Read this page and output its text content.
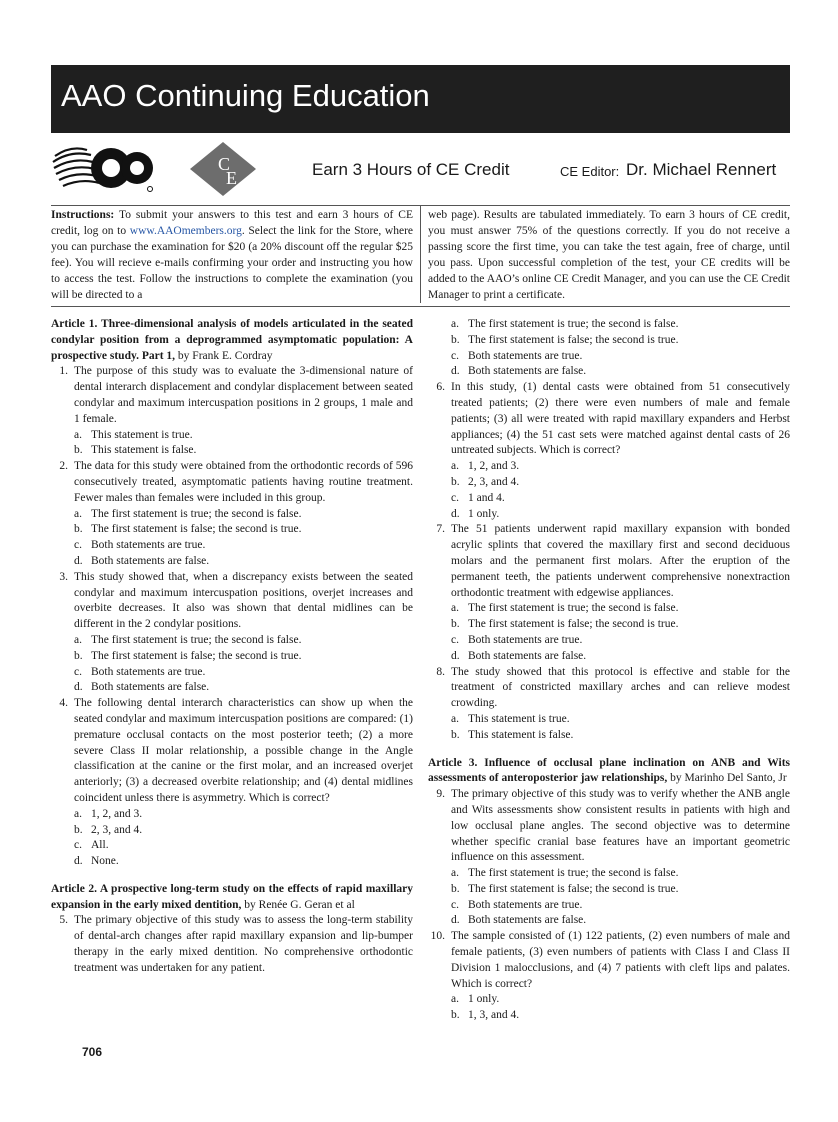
AAO Continuing Education
C
E	Earn 3 Hours of CE Credit	CE Editor: Dr. Michael Rennert
Instructions: To submit your answers to this test and earn 3 hours of CE credit, log on to www.AAOmembers.org. Select the link for the Store, where you can purchase the examination for $20 (a 20% discount off the regular $25 fee). You will recieve e-mails confirming your order and instructing you how to access the test. Follow the instructions to complete the examination (you will be directed to a
web page). Results are tabulated immediately. To earn 3 hours of CE credit, you must answer 75% of the questions correctly. If you do not receive a passing score the first time, you can take the test again, free of charge, until you pass. Upon successful completion of the test, your CE credits will be added to the AAO’s online CE Credit Manager, and you can use the CE Credit Manager to print a certificate.
Article 1. Three-dimensional analysis of models articulated in the seated condylar position from a deprogrammed asymptomatic population: A prospective study. Part 1, by Frank E. Cordray
1. The purpose of this study was to evaluate the 3-dimensional nature of dental interarch displacement and condylar displacement between seated condylar and maximum intercuspation positions in 2 groups, 1 male and 1 female.
a. This statement is true.
b. This statement is false.
2. The data for this study were obtained from the orthodontic records of 596 consecutively treated, asymptomatic patients having routine treatment. Fewer males than females were included in this group.
a. The first statement is true; the second is false.
b. The first statement is false; the second is true.
c. Both statements are true.
d. Both statements are false.
3. This study showed that, when a discrepancy exists between the seated condylar and maximum intercuspation positions, overjet increases and overbite decreases. It also was shown that dental midlines can be different in the 2 condylar positions.
a. The first statement is true; the second is false.
b. The first statement is false; the second is true.
c. Both statements are true.
d. Both statements are false.
4. The following dental interarch characteristics can show up when the seated condylar and maximum intercuspation positions are compared: (1) premature occlusal contacts on the most posterior teeth; (2) a more severe Class II molar relationship, a possible change in the Angle classification at the canine or the first molar, and an increased overjet anteriorly; (3) a decreased overbite relationship; and (4) dental midlines coincident unless there is asymmetry. Which is correct?
a. 1, 2, and 3.
b. 2, 3, and 4.
c. All.
d. None.
Article 2. A prospective long-term study on the effects of rapid maxillary expansion in the early mixed dentition, by Renée G. Geran et al
5. The primary objective of this study was to assess the long-term stability of dental-arch changes after rapid maxillary expansion and lip-bumper therapy in the early mixed dentition. No comprehensive orthodontic treatment was undertaken for any patient.
a. The first statement is true; the second is false.
b. The first statement is false; the second is true.
c. Both statements are true.
d. Both statements are false.
6. In this study, (1) dental casts were obtained from 51 consecutively treated patients; (2) there were even numbers of male and female patients; (3) all were treated with rapid maxillary expanders and Herbst appliances; (4) the 51 cast sets were matched against dental casts of 26 untreated subjects. Which is correct?
a. 1, 2, and 3.
b. 2, 3, and 4.
c. 1 and 4.
d. 1 only.
7. The 51 patients underwent rapid maxillary expansion with bonded acrylic splints that covered the maxillary first and second deciduous molars and the permanent first molars. After the eruption of the permanent teeth, the patients underwent comprehensive nonextraction orthodontic treatment with edgewise appliances.
a. The first statement is true; the second is false.
b. The first statement is false; the second is true.
c. Both statements are true.
d. Both statements are false.
8. The study showed that this protocol is effective and stable for the treatment of constricted maxillary arches and can relieve modest crowding.
a. This statement is true.
b. This statement is false.
Article 3. Influence of occlusal plane inclination on ANB and Wits assessments of anteroposterior jaw relationships, by Marinho Del Santo, Jr
9. The primary objective of this study was to verify whether the ANB angle and Wits assessments show consistent results in patients with high and low occlusal plane angles. The second objective was to determine whether specific cranial base features have an important geometric influence on this assessment.
a. The first statement is true; the second is false.
b. The first statement is false; the second is true.
c. Both statements are true.
d. Both statements are false.
10. The sample consisted of (1) 122 patients, (2) even numbers of male and female patients, (3) even numbers of patients with Class I and Class II Division 1 malocclusions, and (4) 7 patients with cleft lips and palates. Which is correct?
a. 1 only.
b. 1, 3, and 4.
706
